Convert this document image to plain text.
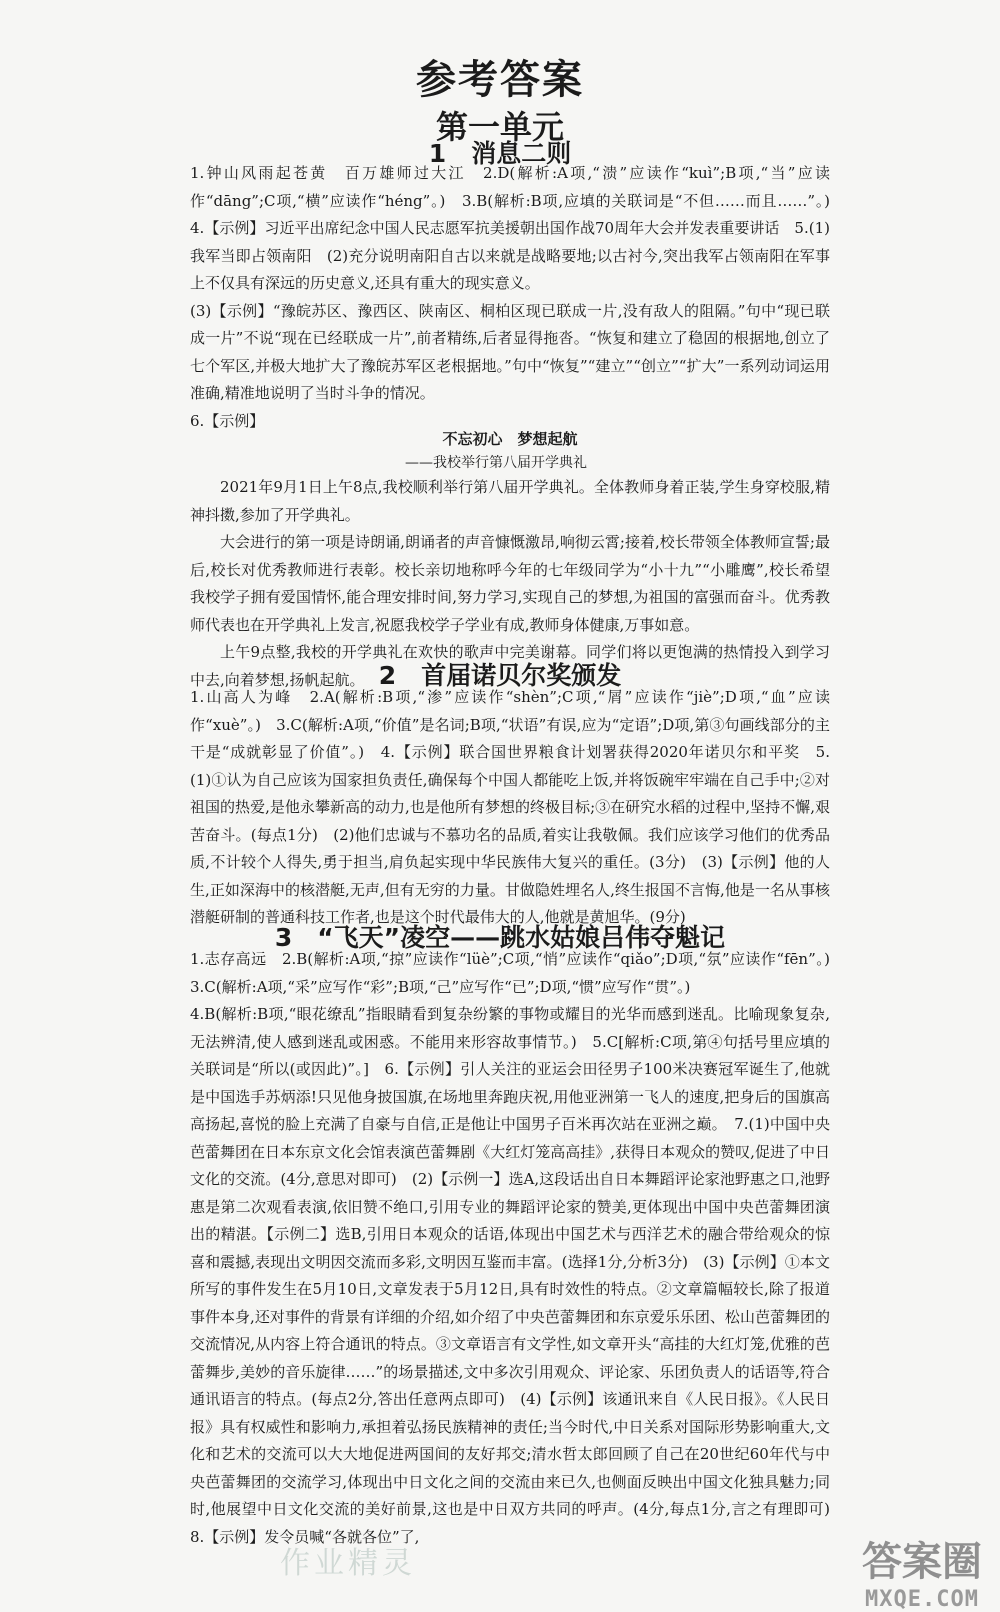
参考答案
第一单元
1　消息二则

1.钟山风雨起苍黄　百万雄师过大江　2.D(解析:A项,“溃”应读作“kuì”;B项,“当”应读作“dāng”;C项,“横”应读作“héng”。)　3.B(解析:B项,应填的关联词是“不但……而且……”。)　4.【示例】习近平出席纪念中国人民志愿军抗美援朝出国作战70周年大会并发表重要讲话　5.(1)我军当即占领南阳　(2)充分说明南阳自古以来就是战略要地;以古衬今,突出我军占领南阳在军事上不仅具有深远的历史意义,还具有重大的现实意义。

(3)【示例】“豫皖苏区、豫西区、陕南区、桐柏区现已联成一片,没有敌人的阻隔。”句中“现已联成一片”不说“现在已经联成一片”,前者精练,后者显得拖沓。“恢复和建立了稳固的根据地,创立了七个军区,并极大地扩大了豫皖苏军区老根据地。”句中“恢复”“建立”“创立”“扩大”一系列动词运用准确,精准地说明了当时斗争的情况。

6.【示例】

不忘初心　梦想起航
——我校举行第八届开学典礼

2021年9月1日上午8点,我校顺利举行第八届开学典礼。全体教师身着正装,学生身穿校服,精神抖擞,参加了开学典礼。

大会进行的第一项是诗朗诵,朗诵者的声音慷慨激昂,响彻云霄;接着,校长带领全体教师宣誓;最后,校长对优秀教师进行表彰。校长亲切地称呼今年的七年级同学为“小十九”“小雕鹰”,校长希望我校学子拥有爱国情怀,能合理安排时间,努力学习,实现自己的梦想,为祖国的富强而奋斗。优秀教师代表也在开学典礼上发言,祝愿我校学子学业有成,教师身体健康,万事如意。

上午9点整,我校的开学典礼在欢快的歌声中完美谢幕。同学们将以更饱满的热情投入到学习中去,向着梦想,扬帆起航。 2　首届诺贝尔奖颁发

1.山高人为峰　2.A(解析:B项,“渗”应读作“shèn”;C项,“屑”应读作“jiè”;D项,“血”应读作“xuè”。)　3.C(解析:A项,“价值”是名词;B项,“状语”有误,应为“定语”;D项,第③句画线部分的主干是“成就彰显了价值”。)　4.【示例】联合国世界粮食计划署获得2020年诺贝尔和平奖　5.(1)①认为自己应该为国家担负责任,确保每个中国人都能吃上饭,并将饭碗牢牢端在自己手中;②对祖国的热爱,是他永攀新高的动力,也是他所有梦想的终极目标;③在研究水稻的过程中,坚持不懈,艰苦奋斗。(每点1分)　(2)他们忠诚与不慕功名的品质,着实让我敬佩。我们应该学习他们的优秀品质,不计较个人得失,勇于担当,肩负起实现中华民族伟大复兴的重任。(3分)　(3)【示例】他的人生,正如深海中的核潜艇,无声,但有无穷的力量。甘做隐姓埋名人,终生报国不言悔,他是一名从事核潜艇研制的普通科技工作者,也是这个时代最伟大的人,他就是黄旭华。(9分)

3　“飞天”凌空——跳水姑娘吕伟夺魁记

1.志存高远　2.B(解析:A项,“掠”应读作“lüè”;C项,“悄”应读作“qiǎo”;D项,“氛”应读作“fēn”。)　3.C(解析:A项,“采”应写作“彩”;B项,“己”应写作“已”;D项,“惯”应写作“贯”。)

4.B(解析:B项,“眼花缭乱”指眼睛看到复杂纷繁的事物或耀目的光华而感到迷乱。比喻现象复杂,无法辨清,使人感到迷乱或困惑。不能用来形容故事情节。)　5.C[解析:C项,第④句括号里应填的关联词是“所以(或因此)”。]　6.【示例】引人关注的亚运会田径男子100米决赛冠军诞生了,他就是中国选手苏炳添!只见他身披国旗,在场地里奔跑庆祝,用他亚洲第一飞人的速度,把身后的国旗高高扬起,喜悦的脸上充满了自豪与自信,正是他让中国男子百米再次站在亚洲之巅。　7.(1)中国中央芭蕾舞团在日本东京文化会馆表演芭蕾舞剧《大红灯笼高高挂》,获得日本观众的赞叹,促进了中日文化的交流。(4分,意思对即可)　(2)【示例一】选A,这段话出自日本舞蹈评论家池野惠之口,池野惠是第二次观看表演,依旧赞不绝口,引用专业的舞蹈评论家的赞美,更体现出中国中央芭蕾舞团演出的精湛。【示例二】选B,引用日本观众的话语,体现出中国艺术与西洋艺术的融合带给观众的惊喜和震撼,表现出文明因交流而多彩,文明因互鉴而丰富。(选择1分,分析3分)　(3)【示例】①本文所写的事件发生在5月10日,文章发表于5月12日,具有时效性的特点。②文章篇幅较长,除了报道事件本身,还对事件的背景有详细的介绍,如介绍了中央芭蕾舞团和东京爱乐乐团、松山芭蕾舞团的交流情况,从内容上符合通讯的特点。③文章语言有文学性,如文章开头“高挂的大红灯笼,优雅的芭蕾舞步,美妙的音乐旋律……”的场景描述,文中多次引用观众、评论家、乐团负责人的话语等,符合通讯语言的特点。(每点2分,答出任意两点即可)　(4)【示例】该通讯来自《人民日报》。《人民日报》具有权威性和影响力,承担着弘扬民族精神的责任;当今时代,中日关系对国际形势影响重大,文化和艺术的交流可以大大地促进两国间的友好邦交;清水哲太郎回顾了自己在20世纪60年代与中央芭蕾舞团的交流学习,体现出中日文化之间的交流由来已久,也侧面反映出中国文化独具魅力;同时,他展望中日文化交流的美好前景,这也是中日双方共同的呼声。(4分,每点1分,言之有理即可)　8.【示例】发令员喊“各就各位”了,

作业精灵	答案圈
MXQE.COM
